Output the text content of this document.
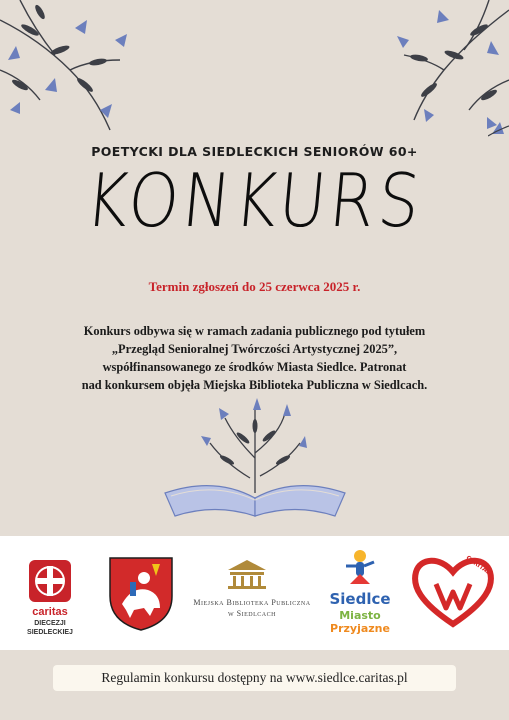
POETYCKI DLA SIEDLECKICH SENIORÓW 60+
KONKURS
Termin zgłoszeń do 25 czerwca 2025 r.
Konkurs odbywa się w ramach zadania publicznego pod tytułem
„Przegląd Senioralnej Twórczości Artystycznej 2025”,
współfinansowanego ze środków Miasta Siedlce. Patronat
nad konkursem objęła Miejska Biblioteka Publiczna w Siedlcach.
caritas
DIECEZJI
SIEDLECKIEJ
Miejska Biblioteka Publiczna
w Siedlcach
Siedlce
Miasto
Przyjazne
CARITAS
Regulamin konkursu dostępny na www.siedlce.caritas.pl
